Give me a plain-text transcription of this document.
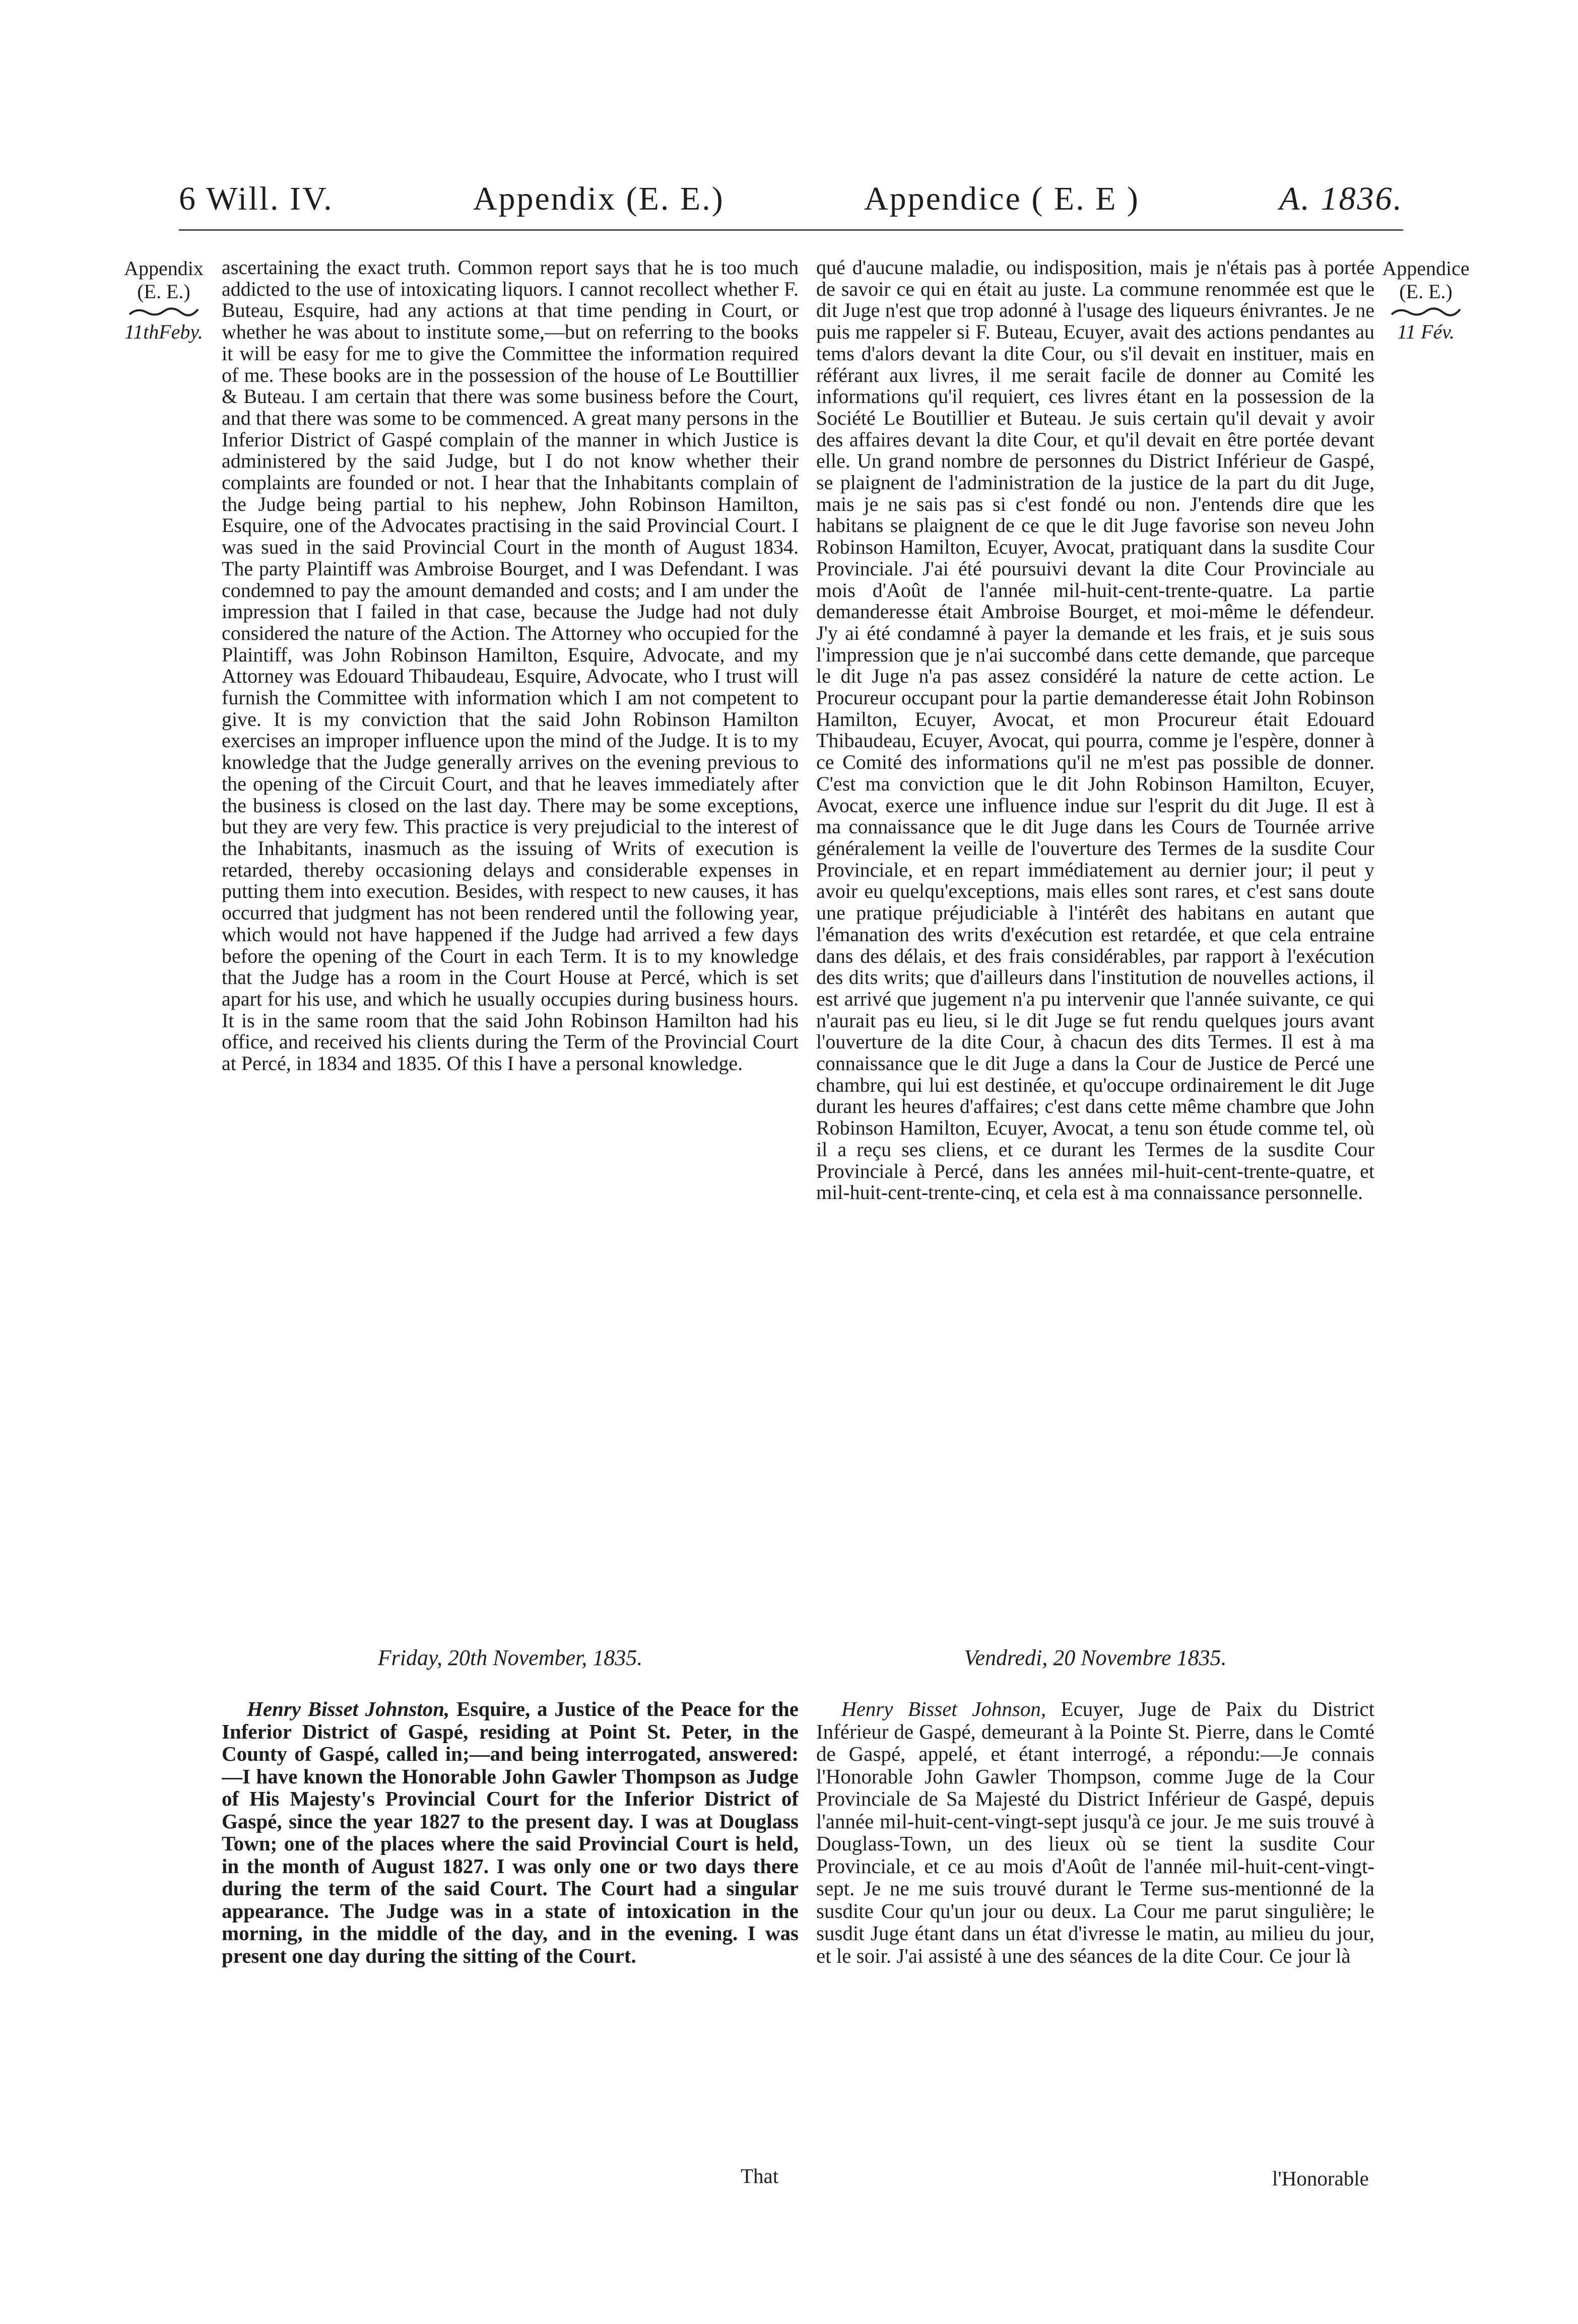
6 Will. IV.	Appendix (E. E.)	Appendice ( E. E )	A. 1836.
Appendix
(E. E.)
11thFeby.
Appendice
(E. E.)
11 Fév.

ascertaining the exact truth. Common report says that he is too much addicted to the use of intoxicating liquors. I cannot recollect whether F. Buteau, Esquire, had any actions at that time pending in Court, or whether he was about to institute some,—but on referring to the books it will be easy for me to give the Committee the information required of me. These books are in the possession of the house of Le Bouttillier & Buteau. I am certain that there was some business before the Court, and that there was some to be commenced. A great many persons in the Inferior District of Gaspé complain of the manner in which Justice is administered by the said Judge, but I do not know whether their complaints are founded or not. I hear that the Inhabitants complain of the Judge being partial to his nephew, John Robinson Hamilton, Esquire, one of the Advocates practising in the said Provincial Court. I was sued in the said Provincial Court in the month of August 1834. The party Plaintiff was Ambroise Bourget, and I was Defendant. I was condemned to pay the amount demanded and costs; and I am under the impression that I failed in that case, because the Judge had not duly considered the nature of the Action. The Attorney who occupied for the Plaintiff, was John Robinson Hamilton, Esquire, Advocate, and my Attorney was Edouard Thibaudeau, Esquire, Advocate, who I trust will furnish the Committee with information which I am not competent to give. It is my conviction that the said John Robinson Hamilton exercises an improper influence upon the mind of the Judge. It is to my knowledge that the Judge generally arrives on the evening previous to the opening of the Circuit Court, and that he leaves immediately after the business is closed on the last day. There may be some exceptions, but they are very few. This practice is very prejudicial to the interest of the Inhabitants, inasmuch as the issuing of Writs of execution is retarded, thereby occasioning delays and considerable expenses in putting them into execution. Besides, with respect to new causes, it has occurred that judgment has not been rendered until the following year, which would not have happened if the Judge had arrived a few days before the opening of the Court in each Term. It is to my knowledge that the Judge has a room in the Court House at Percé, which is set apart for his use, and which he usually occupies during business hours. It is in the same room that the said John Robinson Hamilton had his office, and received his clients during the Term of the Provincial Court at Percé, in 1834 and 1835. Of this I have a personal knowledge.

qué d'aucune maladie, ou indisposition, mais je n'étais pas à portée de savoir ce qui en était au juste. La commune renommée est que le dit Juge n'est que trop adonné à l'usage des liqueurs énivrantes. Je ne puis me rappeler si F. Buteau, Ecuyer, avait des actions pendantes au tems d'alors devant la dite Cour, ou s'il devait en instituer, mais en référant aux livres, il me serait facile de donner au Comité les informations qu'il requiert, ces livres étant en la possession de la Société Le Boutillier et Buteau. Je suis certain qu'il devait y avoir des affaires devant la dite Cour, et qu'il devait en être portée devant elle. Un grand nombre de personnes du District Inférieur de Gaspé, se plaignent de l'administration de la justice de la part du dit Juge, mais je ne sais pas si c'est fondé ou non. J'entends dire que les habitans se plaignent de ce que le dit Juge favorise son neveu John Robinson Hamilton, Ecuyer, Avocat, pratiquant dans la susdite Cour Provinciale. J'ai été poursuivi devant la dite Cour Provinciale au mois d'Août de l'année mil-huit-cent-trente-quatre. La partie demanderesse était Ambroise Bourget, et moi-même le défendeur. J'y ai été condamné à payer la demande et les frais, et je suis sous l'impression que je n'ai succombé dans cette demande, que parceque le dit Juge n'a pas assez considéré la nature de cette action. Le Procureur occupant pour la partie demanderesse était John Robinson Hamilton, Ecuyer, Avocat, et mon Procureur était Edouard Thibaudeau, Ecuyer, Avocat, qui pourra, comme je l'espère, donner à ce Comité des informations qu'il ne m'est pas possible de donner. C'est ma conviction que le dit John Robinson Hamilton, Ecuyer, Avocat, exerce une influence indue sur l'esprit du dit Juge. Il est à ma connaissance que le dit Juge dans les Cours de Tournée arrive généralement la veille de l'ouverture des Termes de la susdite Cour Provinciale, et en repart immédiatement au dernier jour; il peut y avoir eu quelqu'exceptions, mais elles sont rares, et c'est sans doute une pratique préjudiciable à l'intérêt des habitans en autant que l'émanation des writs d'exécution est retardée, et que cela entraine dans des délais, et des frais considérables, par rapport à l'exécution des dits writs; que d'ailleurs dans l'institution de nouvelles actions, il est arrivé que jugement n'a pu intervenir que l'année suivante, ce qui n'aurait pas eu lieu, si le dit Juge se fut rendu quelques jours avant l'ouverture de la dite Cour, à chacun des dits Termes. Il est à ma connaissance que le dit Juge a dans la Cour de Justice de Percé une chambre, qui lui est destinée, et qu'occupe ordinairement le dit Juge durant les heures d'affaires; c'est dans cette même chambre que John Robinson Hamilton, Ecuyer, Avocat, a tenu son étude comme tel, où il a reçu ses cliens, et ce durant les Termes de la susdite Cour Provinciale à Percé, dans les années mil-huit-cent-trente-quatre, et mil-huit-cent-trente-cinq, et cela est à ma connaissance personnelle.

Friday, 20th November, 1835.	Vendredi, 20 Novembre 1835.

Henry Bisset Johnston, Esquire, a Justice of the Peace for the Inferior District of Gaspé, residing at Point St. Peter, in the County of Gaspé, called in;—and being interrogated, answered:—I have known the Honorable John Gawler Thompson as Judge of His Majesty's Provincial Court for the Inferior District of Gaspé, since the year 1827 to the present day. I was at Douglass Town; one of the places where the said Provincial Court is held, in the month of August 1827. I was only one or two days there during the term of the said Court. The Court had a singular appearance. The Judge was in a state of intoxication in the morning, in the middle of the day, and in the evening. I was present one day during the sitting of the Court.

Henry Bisset Johnson, Ecuyer, Juge de Paix du District Inférieur de Gaspé, demeurant à la Pointe St. Pierre, dans le Comté de Gaspé, appelé, et étant interrogé, a répondu:—Je connais l'Honorable John Gawler Thompson, comme Juge de la Cour Provinciale de Sa Majesté du District Inférieur de Gaspé, depuis l'année mil-huit-cent-vingt-sept jusqu'à ce jour. Je me suis trouvé à Douglass-Town, un des lieux où se tient la susdite Cour Provinciale, et ce au mois d'Août de l'année mil-huit-cent-vingt-sept. Je ne me suis trouvé durant le Terme sus-mentionné de la susdite Cour qu'un jour ou deux. La Cour me parut singulière; le susdit Juge étant dans un état d'ivresse le matin, au milieu du jour, et le soir. J'ai assisté à une des séances de la dite Cour. Ce jour là

That	l'Honorable
